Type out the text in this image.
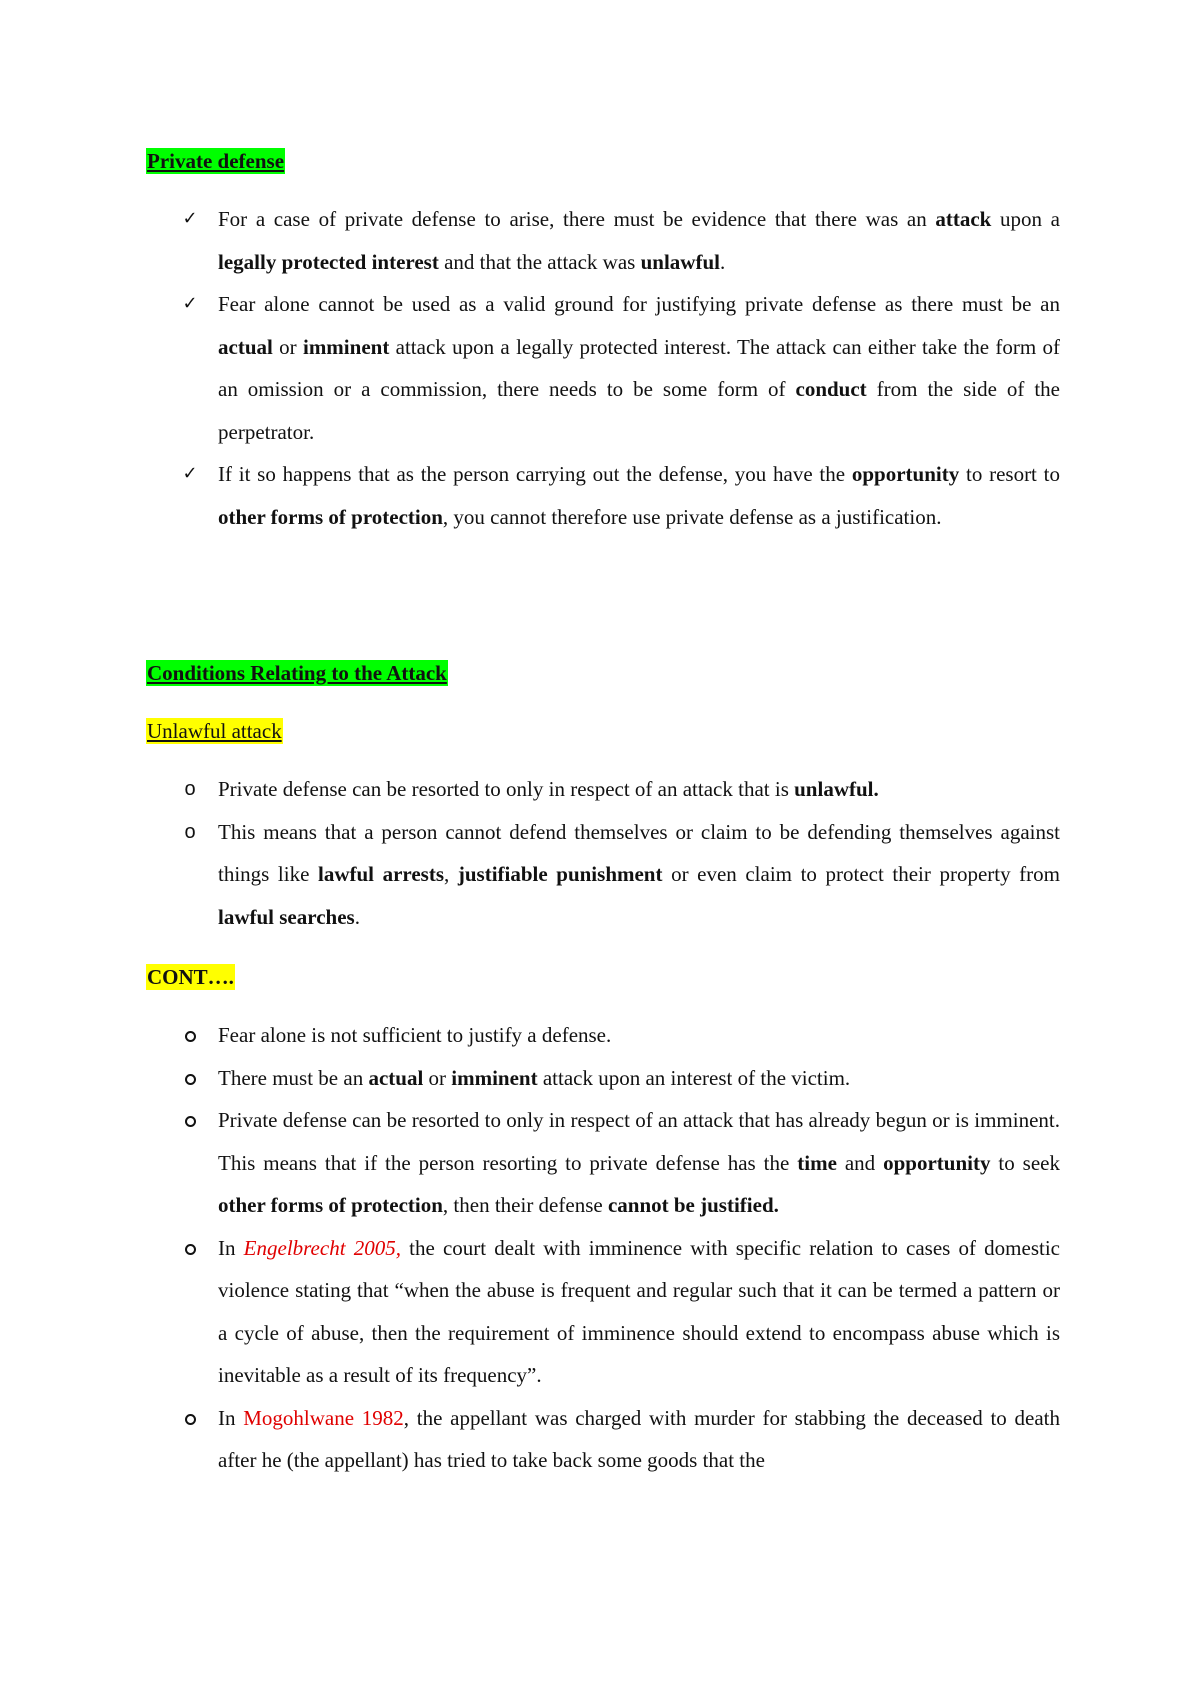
Private defense
✓ For a case of private defense to arise, there must be evidence that there was an attack upon a legally protected interest and that the attack was unlawful.
✓ Fear alone cannot be used as a valid ground for justifying private defense as there must be an actual or imminent attack upon a legally protected interest. The attack can either take the form of an omission or a commission, there needs to be some form of conduct from the side of the perpetrator.
✓ If it so happens that as the person carrying out the defense, you have the opportunity to resort to other forms of protection, you cannot therefore use private defense as a justification.
Conditions Relating to the Attack
Unlawful attack
o	Private defense can be resorted to only in respect of an attack that is unlawful.
o	This means that a person cannot defend themselves or claim to be defending themselves against things like lawful arrests, justifiable punishment or even claim to protect their property from lawful searches.
CONT….
Fear alone is not sufficient to justify a defense.
There must be an actual or imminent attack upon an interest of the victim.
Private defense can be resorted to only in respect of an attack that has already begun or is imminent. This means that if the person resorting to private defense has the time and opportunity to seek other forms of protection, then their defense cannot be justified.
In Engelbrecht 2005, the court dealt with imminence with specific relation to cases of domestic violence stating that “when the abuse is frequent and regular such that it can be termed a pattern or a cycle of abuse, then the requirement of imminence should extend to encompass abuse which is inevitable as a result of its frequency”.
In Mogohlwane 1982, the appellant was charged with murder for stabbing the deceased to death after he (the appellant) has tried to take back some goods that the
